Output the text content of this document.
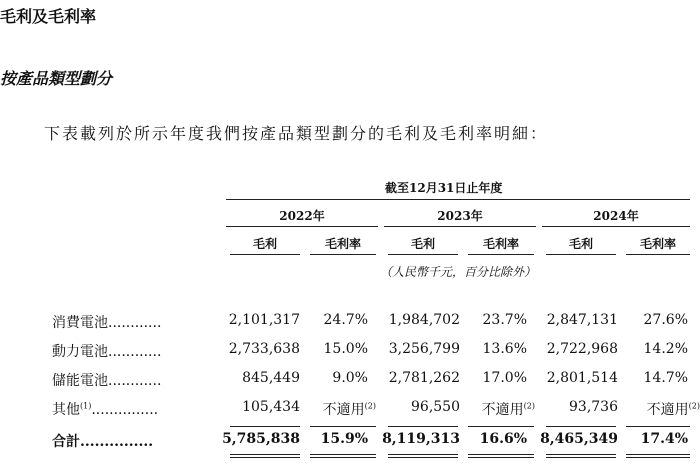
毛利及毛利率
按產品類型劃分
下表載列於所示年度我們按產品類型劃分的毛利及毛利率明細：
截至12月31日止年度
2022年	2023年	2024年
毛利	毛利率	毛利	毛利率	毛利	毛利率
（人民幣千元，百分比除外）
消費電池............	2,101,317	24.7%	1,984,702	23.7%	2,847,131	27.6%
動力電池............	2,733,638	15.0%	3,256,799	13.6%	2,722,968	14.2%
儲能電池............	845,449	9.0%	2,781,262	17.0%	2,801,514	14.7%
其他$^{(1)}$...............	105,434	不適用$^{(2)}$	96,550	不適用$^{(2)}$	93,736	不適用$^{(2)}$
合計...............	5,785,838	15.9% 8,119,313	16.6% 8,465,349	17.4%
